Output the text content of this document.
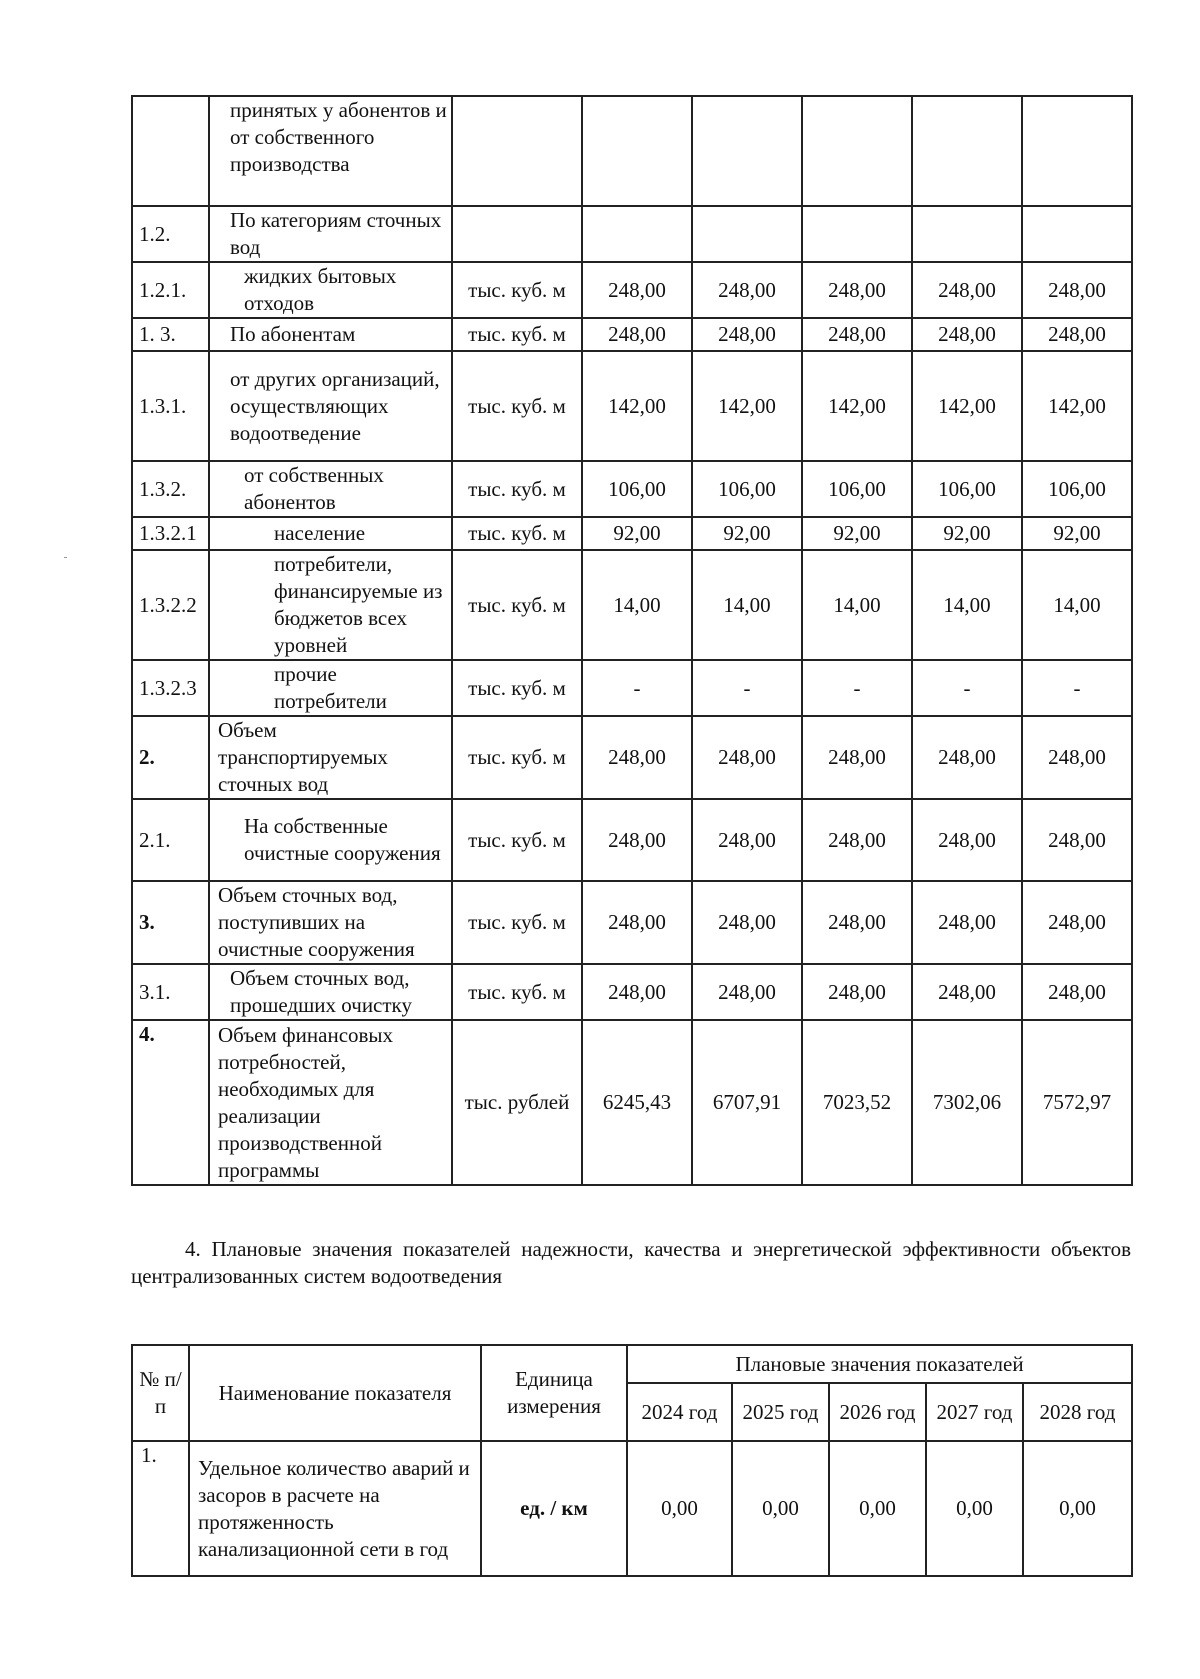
	принятых у абонентов и от собственного производства						
1.2.	По категориям сточных вод						
1.2.1.	жидких бытовых отходов	тыс. куб. м	248,00	248,00	248,00	248,00	248,00
1. 3.	По абонентам	тыс. куб. м	248,00	248,00	248,00	248,00	248,00
1.3.1.	от других организаций, осуществляющих водоотведение	тыс. куб. м	142,00	142,00	142,00	142,00	142,00
1.3.2.	от собственных абонентов	тыс. куб. м	106,00	106,00	106,00	106,00	106,00
1.3.2.1	население	тыс. куб. м	92,00	92,00	92,00	92,00	92,00
1.3.2.2	потребители, финансируемые из бюджетов всех уровней	тыс. куб. м	14,00	14,00	14,00	14,00	14,00
1.3.2.3	прочие потребители	тыс. куб. м	-	-	-	-	-
2.	Объем транспортируемых сточных вод	тыс. куб. м	248,00	248,00	248,00	248,00	248,00
2.1.	На собственные очистные сооружения	тыс. куб. м	248,00	248,00	248,00	248,00	248,00
3.	Объем сточных вод, поступивших на очистные сооружения	тыс. куб. м	248,00	248,00	248,00	248,00	248,00
3.1.	Объем сточных вод, прошедших очистку	тыс. куб. м	248,00	248,00	248,00	248,00	248,00
4.	Объем финансовых потребностей, необходимых для реализации производственной программы	тыс. рублей	6245,43	6707,91	7023,52	7302,06	7572,97
4. Плановые значения показателей надежности, качества и энергетической эффективности объектов централизованных систем водоотведения
№ п/п	Наименование показателя	Единица измерения	Плановые значения показателей				
			2024 год	2025 год	2026 год	2027 год	2028 год
1.	Удельное количество аварий и засоров в расчете на протяженность канализационной сети в год	ед. / км	0,00	0,00	0,00	0,00	0,00
